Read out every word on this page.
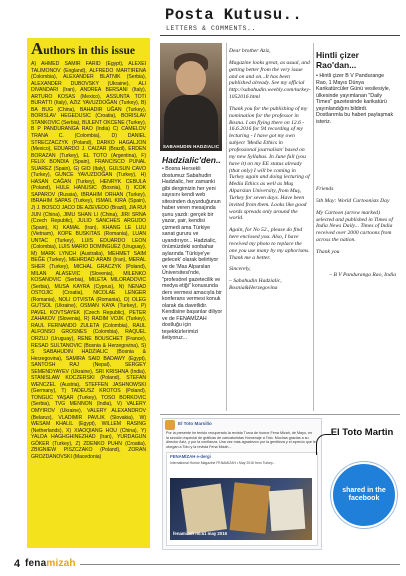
Posta Kutusu..
LETTERS & COMMENTS..
Authors in this issue
A) AHMED SAMIR FARID (Egypt), ALEXEI TALIMONOV (England), ALFREDO MARTIRENA (Colombia), ALEXANDER BLATNIK (Serbia), ALEXANDER DUBOVSKY (Ukraine), ALI DIVANDARI (Iran), ANDREA BERSANI (Italy), ARTURO KOSAS (Mexico), ASSUNTA TOTI BURATTI (Italy), AZIZ YAVUZDOĞAN (Turkey), B) BA BUG (China), BAHADIR UĞAN (Turkey), BORISLAV HEGEDUSIC (Croatia), BORISLAV STANKOVIC (Serbia), BULENT OKCENE (Turkey), B P PANDURANGA RAO (India) C) CAMELOV TRANA C. (Colombia), D) DANIEL STRECZACZYK (Poland), DARKO HAGALJON (Mexico), EDUARDO J. CAIZAR (Brazil), ERDEN BORAZAN (Turkey), EL TOTO (Argentina), F) FELIX BONDIA (Spain), FRANCISCO PUNAL SUAREZ (Spain), G) GIO (Italy), GULSUN CAVO (Turkey), GUNCE YAVUZDOĞAN (Turkey), H) HASAN CAĞAN (Turkey), HENRYK CEBULA (Poland), HULE HANUSIC (Bosnia), I) ICOK SAPAROV (Russia), IBRAHIM ORHAN (Turkey), IBRAHIM SAPAS (Turkey), ISMAIL KIRA (Spain), J) J. BOSCO JACO DE AZEVEDO (Brazil), JIA RUI JUN (China), JIMU SHAN LI (China), JIRI SRNA (Czech Republic), JULIO SANCHES ARGUDO (Spain), K) KAMAL (Iran), KHANG LE LUU (Vietnam), KOPE BUSKITAS (Romania), LUAN UNTAC (Turkey), LUIS EDUARDO LEON (Colombia), LUIS MARIO DOMINGUEZ (Uruguay), M) MARK LYNCH (Australia), MEHMET SAIM BEĞE (Turkey), MEHRDAD ARABI (Iran), MERAL SHER (Turkey), MICHAL GRACZYK (Poland), MILAN ALASEVIC (Slovenia), MILENKO KOSANOVIC (Serbia), MILETA MILORADOVIC (Serbia), MUSA KAYRA (Cyprus), N) NENAD OSTOJIC (Croatia), NICOLAE LENGER (Romania), NOLI OTVISTA (Romania), O) OLEG GUTSOL (Ukraine), OSMAN KAYA (Turkey), P) PAVEL KOVTSAYEK (Czech Republic), PETER ZAHAKOV (Slovenia), R) RADIM VOJK (Turkey), RAUL FERNANDO ZULETA (Colombia), RAUL ALFONSO GROSNES (Colombia), RAQUEL ORZUJ (Uruguay), RENE BOUSCHET (France), RESAD SULTANOVIC (Bosnia & Herzegovina), S) S SABAHUDIN HADZIALIC (Bosnia & Herzegovina), SAMIRA SAID BADAWY (Egypt), SANTOSH RAJ (Nepal), SERGEY SEMENDYAYEV (Ukraine), SRI KRISHNA (India), STANISLAW KOCZERSKI (Poland), STEFAN WENCZEL (Austria), STEFFEN JASHNOWSKI (Germany), T) TADEUSZ KROTOS (Poland), TONGUC YAŞAR (Turkey), TOSO BORKOVIC (Serbia), TVG MENNON (India), V) VALERY OMYIROV (Ukraine), VALERY ALEXANDROV (Belarus), VLADIMIR PAVLIK (Slovakia), W) WESAM KHALIL (Egypt), WILLEM RASING (Netherlands), X) XIAOQIANG HOU (China), Y) YALDA HAGHGHINEZHAD (Iran), YURDAGUN GÖKER (Turkey), Z) ZDENKO PUHN (Croatia), ZBIGNIEW PISZCZAKO (Poland), ZORAN GROZDANOVSKI (Macedonia)
SABAHUDIN HADZIALIC
Hadzialic'den..
• Bosna Hersekli dostumuz Sabahudin Hadzialic, her zamanki gibi dergimizin her yeni sayısını kendi web sitesinden duyurduğunun haber veren mesajında şunu yazdı: gerçek bir yazar, şair, kendisi çizmedi ama Türkiye sanat gururu ve uyandırıyor... Hadzialic, önümüzdeki sonbahar aylarında 'Türkiye'ye gelecek' olarak belirtiyor ve de 'Mas Alparslan Üniversitesi'nde, "profesörel gazetecilik ve medya etiği" konusunda ders vermesi amacıyla bir konferans vermesi konuk olarak da davetlidir. Kendisine başarılar diliyor ve de FENAMİZAH dostluğu için teşekkürlerimizi iletiyoruz...

Dear brother Aziz,

Magazine looks great, as usual, and getting better from the very issue and on and on...It has been published already. See my official http://sabahudin.weebly.com/turkey-1052016.html

Thank you for the publishing of my nomination for the professor in Bosna. I am flying there on 12.6 - 16.6.2016 for 94 recording of my lecturing - I have got my own subject 'Media Ethics in professional journalism' based on my new Syllabus. In June fall (you have it) on my EE status already (that only) I will be coming in Turkey again and doing lecturing of Media Ethics as well as Muş Alparslan University, from Muş, Turkey for seven days. Have been invited from them. Looks like good words spreads only around the world.

Again, for No 52., please do find here enclosed you. Also, I have received my photo to replace the one you use many by my aphorisms. Thank me a better.

Sincerely,

– Sabahudin Hadzialic, Bosnia&Herzegovina

Hintli çizer Rao'dan...
• Hintli çizer B V Pandurange Rao, 1 Mayıs Dünya Karikatürcüler Günü vesilesiyle, ülkesinde yayımlanan "Daily Times" gazetesinde karikatürü yayınlandığını bildirdi. Dostlarımla bu haberi paylaşmak isteriz.

Friends

5th May: World Cartoonists Day

My Cartoon (arrow marked) selected and published in Times of India News Daily... Times of India received over 2000 cartoons from across the nation.

Thank you

– B V Panduranga Rao, India
El Toto Marsilio
Por la presente he tenido recuperado la revista Turca de humor Fena Mizah, de Mayo, en la sección especial de gráficas de caricaturistas Homenaje a Toto. Muchas gracias a su director Aziz, y por la confianza. Una vez más agradezco por la gentileza y el aprecio que le otorgan a Toto y la revista Fena Mizah...
FENAMİZAH e-dergi
International Humor Magazine FENAMIZAH • May 2016 from Turkey...
fenamizah no.51 may 2016
El Toto Martin
shared in the facebook
4 fenamizah
